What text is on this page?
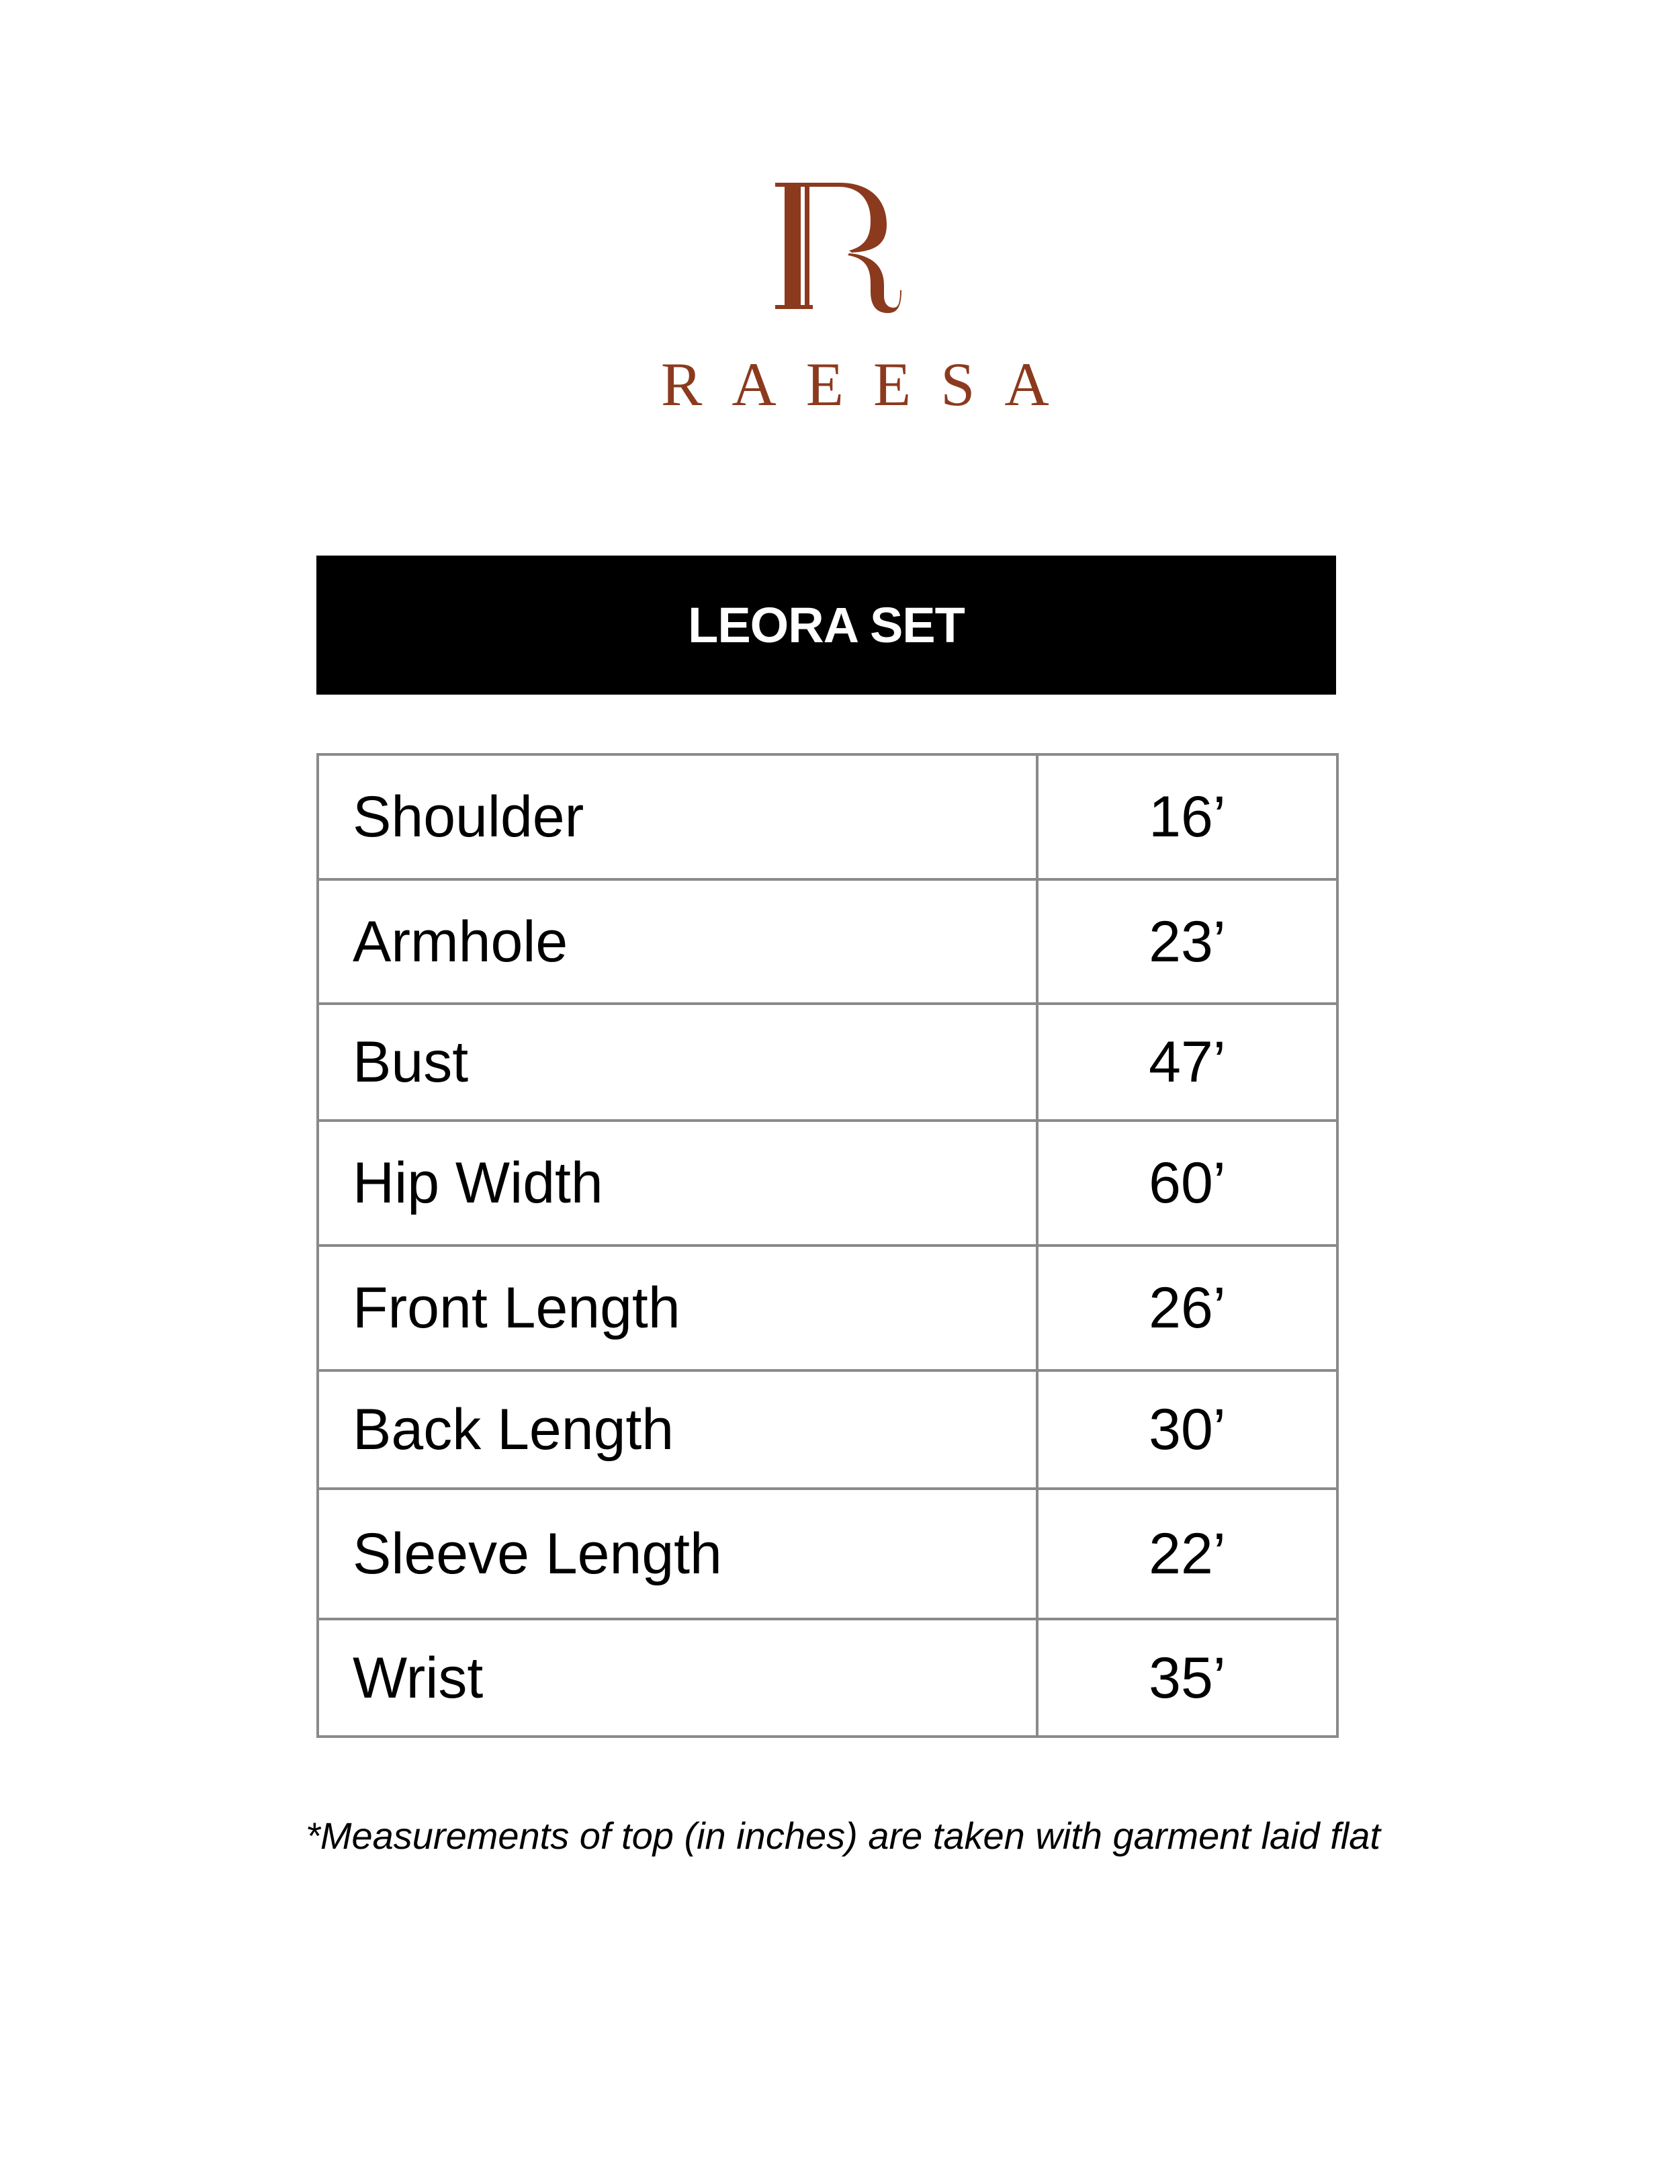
RAEESA
LEORA SET
Shoulder	16’
Armhole	23’
Bust	47’
Hip Width	60’
Front Length	26’
Back Length	30’
Sleeve Length	22’
Wrist	35’
*Measurements of top (in inches) are taken with garment laid flat
